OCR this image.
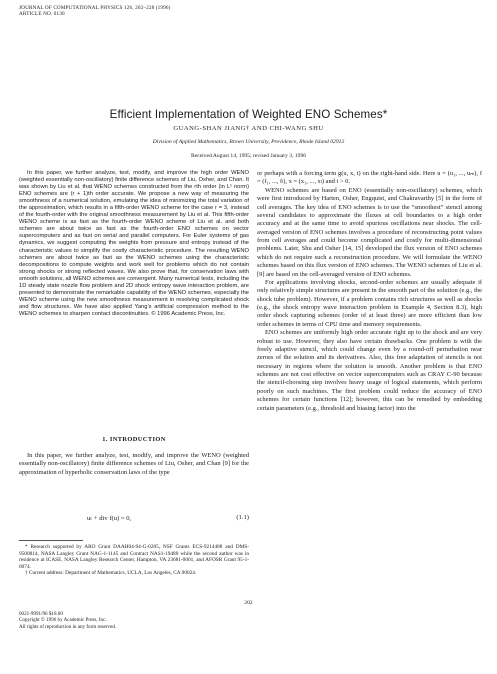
JOURNAL OF COMPUTATIONAL PHYSICS 126, 202–228 (1996)
ARTICLE NO. 0130
Efficient Implementation of Weighted ENO Schemes*
GUANG-SHAN JIANG† AND CHI-WANG SHU
Division of Applied Mathematics, Brown University, Providence, Rhode Island 02912
Received August 14, 1995; revised January 3, 1996

In this paper, we further analyze, test, modify, and improve the high order WENO (weighted essentially non-oscillatory) finite difference schemes of Liu, Osher, and Chan. It was shown by Liu et al. that WENO schemes constructed from the rth order (in L¹ norm) ENO schemes are (r + 1)th order accurate. We propose a new way of measuring the smoothness of a numerical solution, emulating the idea of minimizing the total variation of the approximation, which results in a fifth-order WENO scheme for the case r = 3, instead of the fourth-order with the original smoothness measurement by Liu et al. This fifth-order WENO scheme is as fast as the fourth-order WENO scheme of Liu et al. and both schemes are about twice as fast as the fourth-order ENO schemes on vector supercomputers and as fast on serial and parallel computers. For Euler systems of gas dynamics, we suggest computing the weights from pressure and entropy instead of the characteristic values to simplify the costly characteristic procedure. The resulting WENO schemes are about twice as fast as the WENO schemes using the characteristic decompositions to compute weights and work well for problems which do not contain strong shocks or strong reflected waves. We also prove that, for conservation laws with smooth solutions, all WENO schemes are convergent. Many numerical tests, including the 1D steady state nozzle flow problem and 2D shock entropy wave interaction problem, are presented to demonstrate the remarkable capability of the WENO schemes, especially the WENO scheme using the new smoothness measurement in resolving complicated shock and flow structures. We have also applied Yang’s artificial compression method to the WENO schemes to sharpen contact discontinuities. © 1996 Academic Press, Inc.

1. INTRODUCTION

In this paper, we further analyze, test, modify, and improve the WENO (weighted essentially non-oscillatory) finite difference schemes of Liu, Osher, and Chan [9] for the approximation of hyperbolic conservation laws of the type

uₜ + div f(u) = 0,	(1.1)

* Research supported by ARO Grant DAAH04-94-G-0205, NSF Grants ECS-9214488 and DMS-9500814, NASA Langley Grant NAG-1-1145 and Contract NAS1-19480 while the second author was in residence at ICASE, NASA Langley Research Center, Hampton, VA 23681-0001, and AFOSR Grant 95-1-0074.

† Current address: Department of Mathematics, UCLA, Los Angeles, CA 90024.

or perhaps with a forcing term g(u, x, t) on the right-hand side. Here u = (u₁, ..., uₘ), f = (f₁, ..., fₗ), x = (x₁, ..., xₗ) and t > 0.

WENO schemes are based on ENO (essentially non-oscillatory) schemes, which were first introduced by Harten, Osher, Engquist, and Chakravarthy [5] in the form of cell averages. The key idea of ENO schemes is to use the “smoothest” stencil among several candidates to approximate the fluxes at cell boundaries to a high order accuracy and at the same time to avoid spurious oscillations near shocks. The cell-averaged version of ENO schemes involves a procedure of reconstructing point values from cell averages and could become complicated and costly for multi-dimensional problems. Later, Shu and Osher [14, 15] developed the flux version of ENO schemes which do not require such a reconstruction procedure. We will formulate the WENO schemes based on this flux version of ENO schemes. The WENO schemes of Liu et al. [9] are based on the cell-averaged version of ENO schemes.

For applications involving shocks, second-order schemes are usually adequate if only relatively simple structures are present in the smooth part of the solution (e.g., the shock tube problem). However, if a problem contains rich structures as well as shocks (e.g., the shock entropy wave interaction problem in Example 4, Section 8.3), high order shock capturing schemes (order of at least three) are more efficient than low order schemes in terms of CPU time and memory requirements.

ENO schemes are uniformly high order accurate right up to the shock and are very robust to use. However, they also have certain drawbacks. One problem is with the freely adaptive stencil, which could change even by a round-off perturbation near zeroes of the solution and its derivatives. Also, this free adaptation of stencils is not necessary in regions where the solution is smooth. Another problem is that ENO schemes are not cost effective on vector supercomputers such as CRAY C-90 because the stencil-choosing step involves heavy usage of logical statements, which perform poorly on such machines. The first problem could reduce the accuracy of ENO schemes for certain functions [12]; however, this can be remedied by embedding certain parameters (e.g., threshold and biasing factor) into the

202
0021-9991/96 $18.00
Copyright © 1996 by Academic Press, Inc.
All rights of reproduction in any form reserved.
